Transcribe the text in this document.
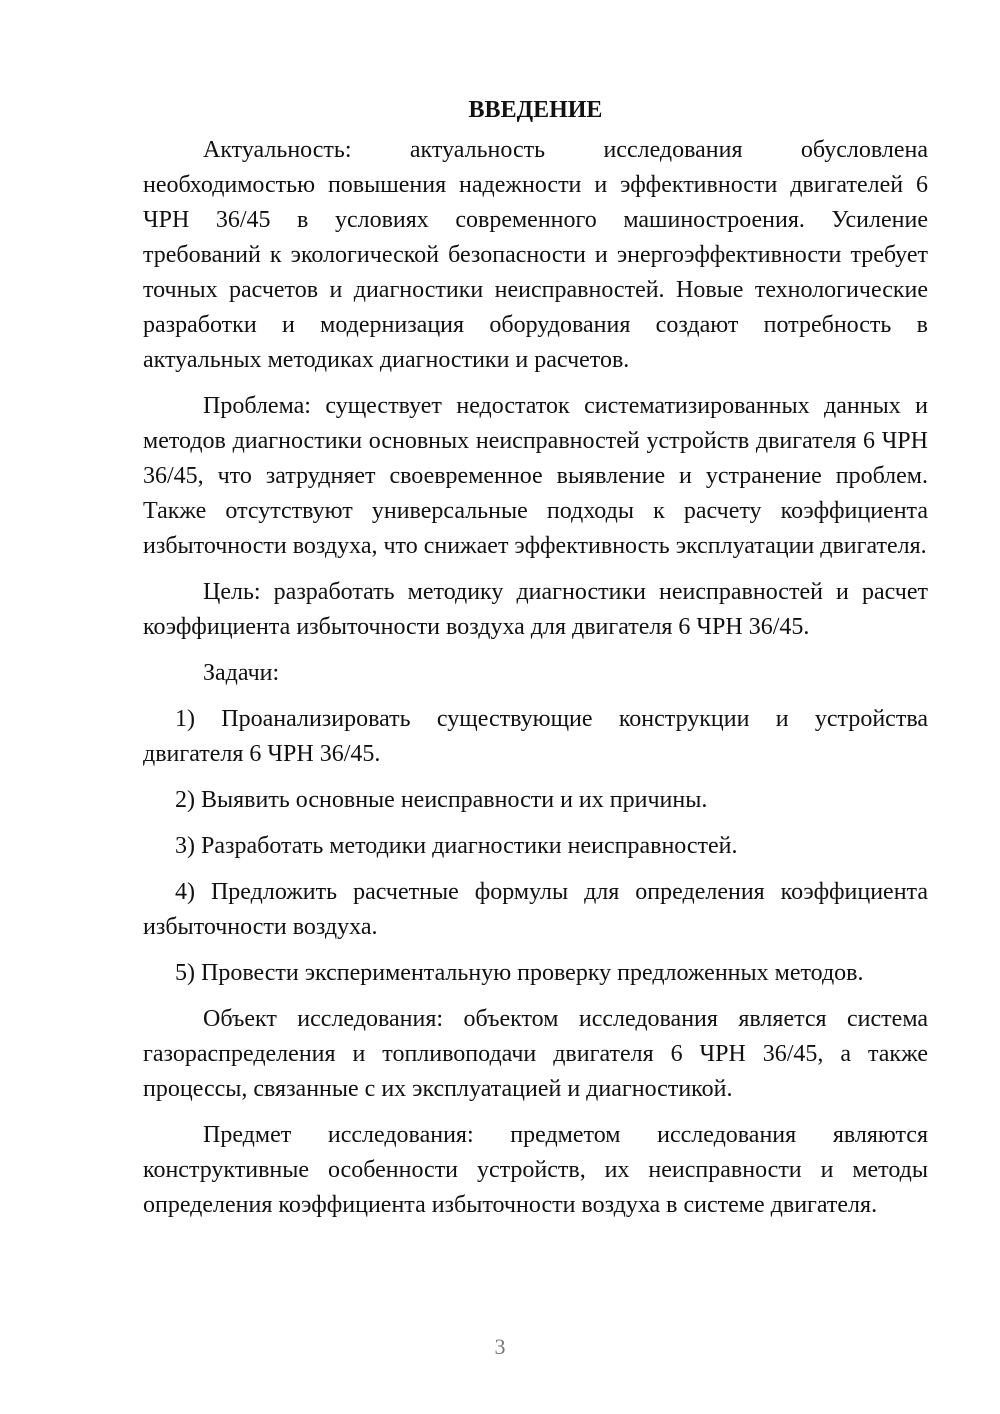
ВВЕДЕНИЕ

Актуальность: актуальность исследования обусловлена необходимостью повышения надежности и эффективности двигателей 6 ЧРН 36/45 в условиях современного машиностроения. Усиление требований к экологической безопасности и энергоэффективности требует точных расчетов и диагностики неисправностей. Новые технологические разработки и модернизация оборудования создают потребность в актуальных методиках диагностики и расчетов.

Проблема: существует недостаток систематизированных данных и методов диагностики основных неисправностей устройств двигателя 6 ЧРН 36/45, что затрудняет своевременное выявление и устранение проблем. Также отсутствуют универсальные подходы к расчету коэффициента избыточности воздуха, что снижает эффективность эксплуатации двигателя.

Цель: разработать методику диагностики неисправностей и расчет коэффициента избыточности воздуха для двигателя 6 ЧРН 36/45.

Задачи:

1) Проанализировать существующие конструкции и устройства двигателя 6 ЧРН 36/45.

2) Выявить основные неисправности и их причины.

3) Разработать методики диагностики неисправностей.

4) Предложить расчетные формулы для определения коэффициента избыточности воздуха.

5) Провести экспериментальную проверку предложенных методов.

Объект исследования: объектом исследования является система газораспределения и топливоподачи двигателя 6 ЧРН 36/45, а также процессы, связанные с их эксплуатацией и диагностикой.

Предмет исследования: предметом исследования являются конструктивные особенности устройств, их неисправности и методы определения коэффициента избыточности воздуха в системе двигателя.

3
